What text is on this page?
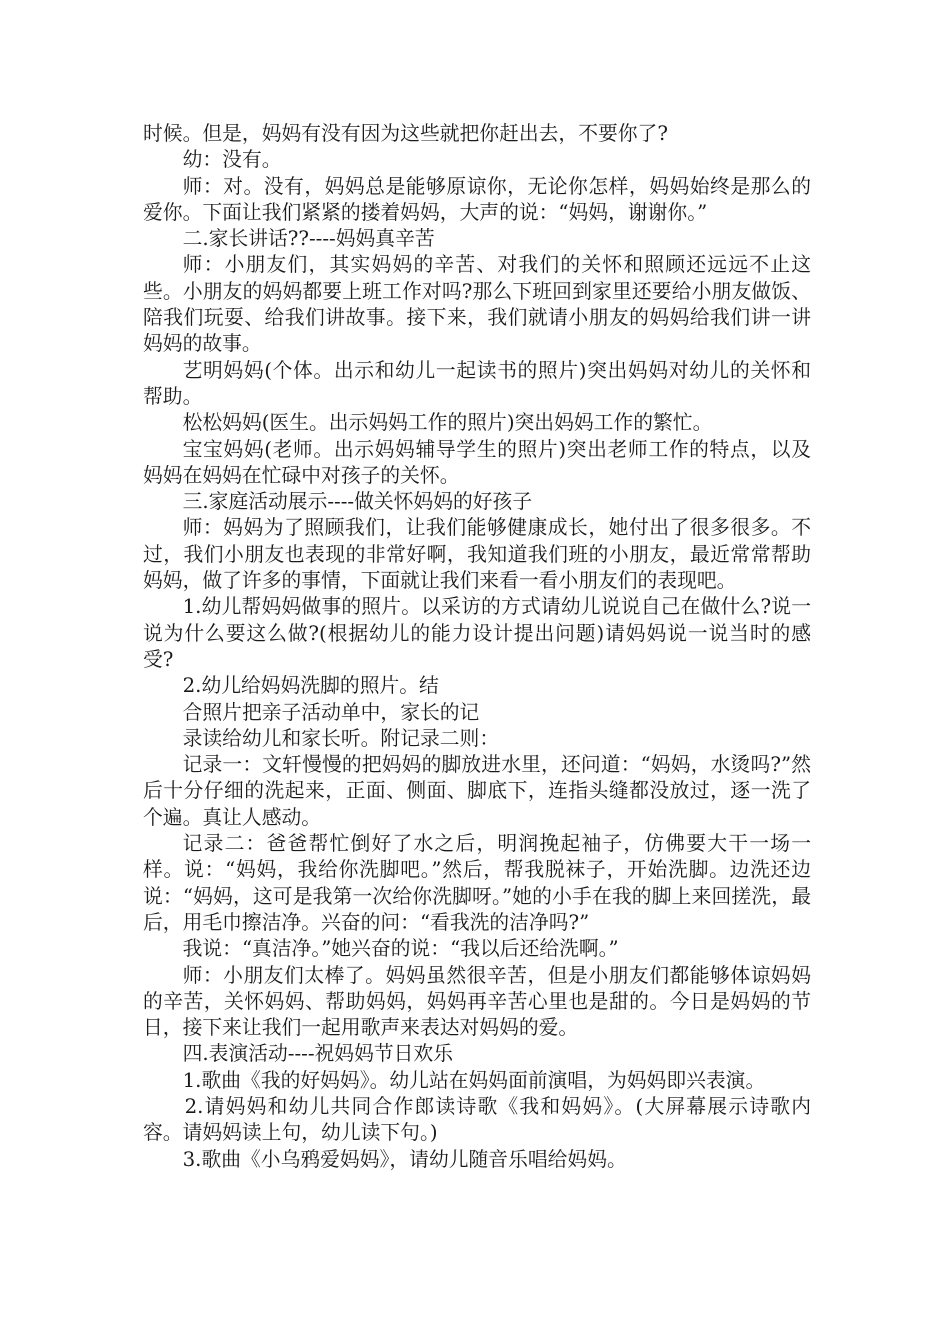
时候。但是，妈妈有没有因为这些就把你赶出去，不要你了?

幼：没有。

师：对。没有，妈妈总是能够原谅你，无论你怎样，妈妈始终是那么的爱你。下面让我们紧紧的搂着妈妈，大声的说：“妈妈，谢谢你。”

二.家长讲话??----妈妈真辛苦

师：小朋友们，其实妈妈的辛苦、对我们的关怀和照顾还远远不止这些。小朋友的妈妈都要上班工作对吗?那么下班回到家里还要给小朋友做饭、陪我们玩耍、给我们讲故事。接下来，我们就请小朋友的妈妈给我们讲一讲妈妈的故事。

艺明妈妈(个体。出示和幼儿一起读书的照片)突出妈妈对幼儿的关怀和帮助。

松松妈妈(医生。出示妈妈工作的照片)突出妈妈工作的繁忙。

宝宝妈妈(老师。出示妈妈辅导学生的照片)突出老师工作的特点，以及妈妈在妈妈在忙碌中对孩子的关怀。

三.家庭活动展示----做关怀妈妈的好孩子

师：妈妈为了照顾我们，让我们能够健康成长，她付出了很多很多。不过，我们小朋友也表现的非常好啊，我知道我们班的小朋友，最近常常帮助妈妈，做了许多的事情，下面就让我们来看一看小朋友们的表现吧。

1.幼儿帮妈妈做事的照片。以采访的方式请幼儿说说自己在做什么?说一说为什么要这么做?(根据幼儿的能力设计提出问题)请妈妈说一说当时的感受?

2.幼儿给妈妈洗脚的照片。结

合照片把亲子活动单中，家长的记

录读给幼儿和家长听。附记录二则：

记录一：文轩慢慢的把妈妈的脚放进水里，还问道：“妈妈，水烫吗?”然后十分仔细的洗起来，正面、侧面、脚底下，连指头缝都没放过，逐一洗了个遍。真让人感动。

记录二：爸爸帮忙倒好了水之后，明润挽起袖子，仿佛要大干一场一样。说：“妈妈，我给你洗脚吧。”然后，帮我脱袜子，开始洗脚。边洗还边说：“妈妈，这可是我第一次给你洗脚呀。”她的小手在我的脚上来回搓洗，最后，用毛巾擦洁净。兴奋的问：“看我洗的洁净吗?”

我说：“真洁净。”她兴奋的说：“我以后还给洗啊。”

师：小朋友们太棒了。妈妈虽然很辛苦，但是小朋友们都能够体谅妈妈的辛苦，关怀妈妈、帮助妈妈，妈妈再辛苦心里也是甜的。今日是妈妈的节日，接下来让我们一起用歌声来表达对妈妈的爱。

四.表演活动----祝妈妈节日欢乐

1.歌曲《我的好妈妈》。幼儿站在妈妈面前演唱，为妈妈即兴表演。

2.请妈妈和幼儿共同合作郎读诗歌《我和妈妈》。(大屏幕展示诗歌内容。请妈妈读上句，幼儿读下句。)

3.歌曲《小乌鸦爱妈妈》，请幼儿随音乐唱给妈妈。
